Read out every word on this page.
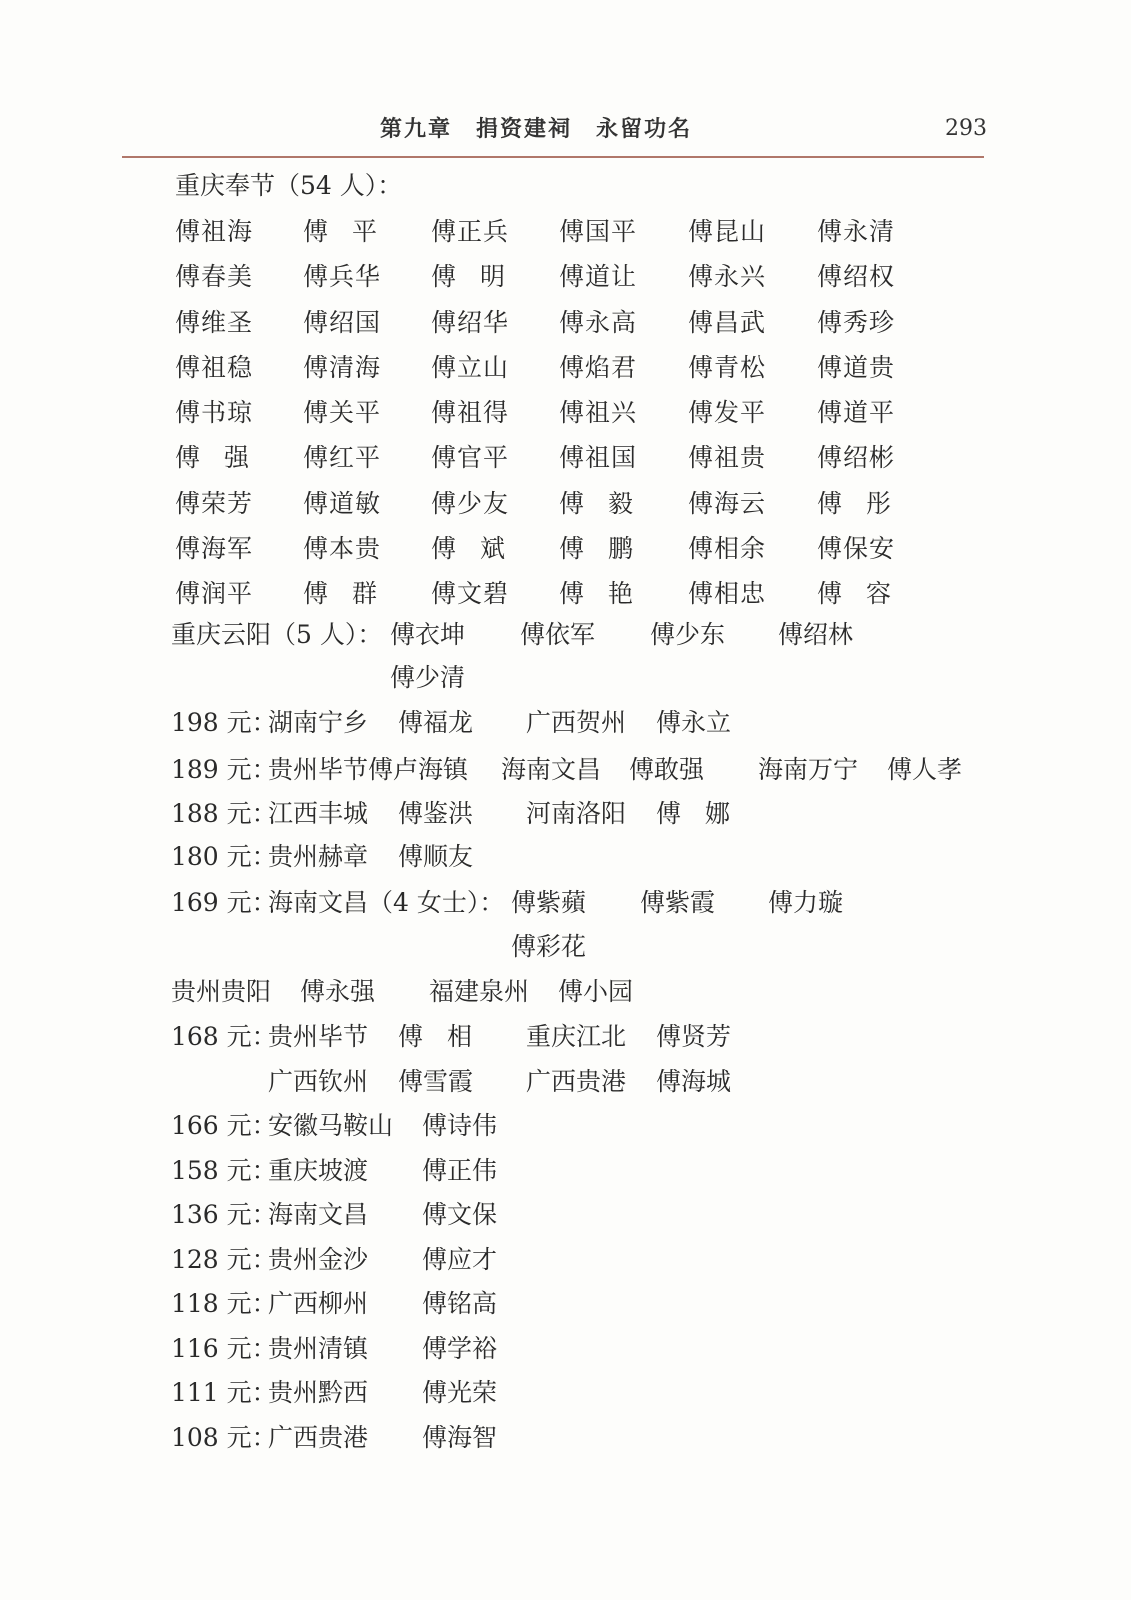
第九章　捐资建祠　永留功名	293
重庆奉节（54 人）：
傅祖海 傅平 傅正兵 傅国平 傅昆山 傅永清
傅春美 傅兵华 傅明 傅道让 傅永兴 傅绍权
傅维圣 傅绍国 傅绍华 傅永高 傅昌武 傅秀珍
傅祖稳 傅清海 傅立山 傅焰君 傅青松 傅道贵
傅书琼 傅关平 傅祖得 傅祖兴 傅发平 傅道平
傅强 傅红平 傅官平 傅祖国 傅祖贵 傅绍彬
傅荣芳 傅道敏 傅少友 傅毅 傅海云 傅彤
傅海军 傅本贵 傅斌 傅鹏 傅相余 傅保安
傅润平 傅群 傅文碧 傅艳 傅相忠 傅容
重庆云阳（5 人）： 傅衣坤 傅依军 傅少东 傅绍林
傅少清
198 元：
湖南宁乡 傅福龙 广西贺州 傅永立
189 元：
贵州毕节傅卢海镇 海南文昌 傅敢强 海南万宁 傅人孝
188 元：
江西丰城 傅鉴洪 河南洛阳 傅娜
180 元：
贵州赫章 傅顺友
169 元：
海南文昌（4 女士）： 傅紫蘋 傅紫霞 傅力璇
傅彩花
贵州贵阳 傅永强 福建泉州 傅小园
168 元：
贵州毕节 傅相 重庆江北 傅贤芳
广西钦州 傅雪霞 广西贵港 傅海城
166 元：
安徽马鞍山 傅诗伟
158 元：
重庆坡渡 傅正伟
136 元：
海南文昌 傅文保
128 元：
贵州金沙 傅应才
118 元：
广西柳州 傅铭高
116 元：
贵州清镇 傅学裕
111 元：
贵州黔西 傅光荣
108 元：
广西贵港 傅海智
